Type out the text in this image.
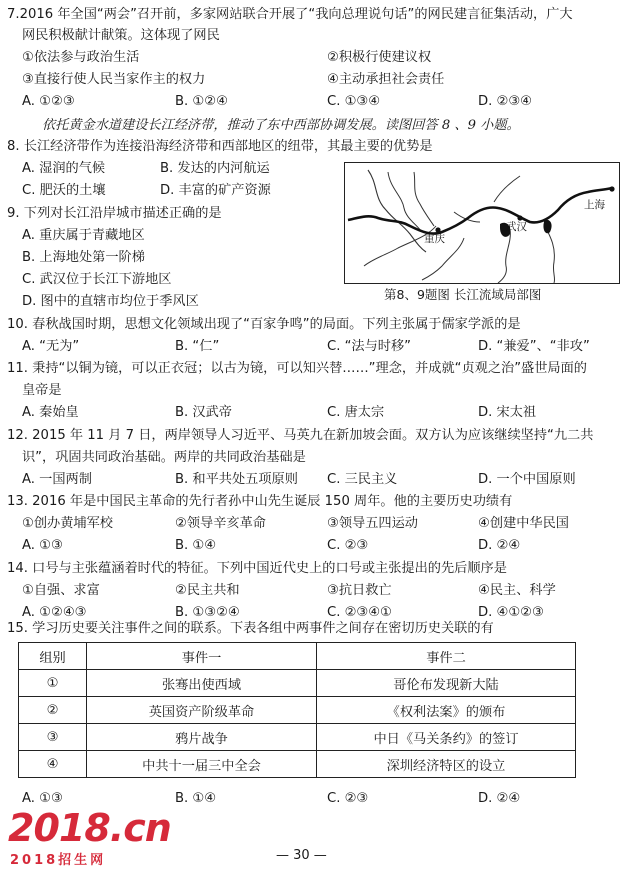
7.2016 年全国“两会”召开前，多家网站联合开展了“我向总理说句话”的网民建言征集活动，广大
网民积极献计献策。这体现了网民
①依法参与政治生活	②积极行使建议权
③直接行使人民当家作主的权力	④主动承担社会责任
A. ①②③	B. ①②④	C. ①③④	D. ②③④
依托黄金水道建设长江经济带，推动了东中西部协调发展。读图回答 8 、9 小题。
8. 长江经济带作为连接沿海经济带和西部地区的纽带，其最主要的优势是
A. 湿润的气候	B. 发达的内河航运
C. 肥沃的土壤	D. 丰富的矿产资源
9. 下列对长江沿岸城市描述正确的是
A. 重庆属于青藏地区
B. 上海地处第一阶梯
C. 武汉位于长江下游地区
D. 图中的直辖市均位于季风区
10. 春秋战国时期，思想文化领域出现了“百家争鸣”的局面。下列主张属于儒家学派的是
A. “无为”	B. “仁”	C. “法与时移”	D. “兼爱”、“非攻”
11. 秉持“以铜为镜，可以正衣冠；以古为镜，可以知兴替……”理念，并成就“贞观之治”盛世局面的
皇帝是
A. 秦始皇	B. 汉武帝	C. 唐太宗	D. 宋太祖
12. 2015 年 11 月 7 日，两岸领导人习近平、马英九在新加坡会面。双方认为应该继续坚持“九二共
识”，巩固共同政治基础。两岸的共同政治基础是
A. 一国两制	B. 和平共处五项原则 C. 三民主义	D. 一个中国原则
13. 2016 年是中国民主革命的先行者孙中山先生诞辰 150 周年。他的主要历史功绩有
①创办黄埔军校	②领导辛亥革命	③领导五四运动	④创建中华民国
A. ①③	B. ①④	C. ②③	D. ②④
14. 口号与主张蕴涵着时代的特征。下列中国近代史上的口号或主张提出的先后顺序是
①自强、求富	②民主共和	③抗日救亡	④民主、科学
A. ①②④③	B. ①③②④	C. ②③④①	D. ④①②③
15. 学习历史要关注事件之间的联系。下表各组中两事件之间存在密切历史关联的有
A. ①③	B. ①④	C. ②③	D. ②④
重庆
武汉
上海
第8、9题图 长江流域局部图
组别	事件一	事件二
①	张骞出使西域	哥伦布发现新大陆
②	英国资产阶级革命	《权利法案》的颁布
③	鸦片战争	中日《马关条约》的签订
④	中共十一届三中全会	深圳经济特区的设立
2018.cn
2018招生网	— 30 —
